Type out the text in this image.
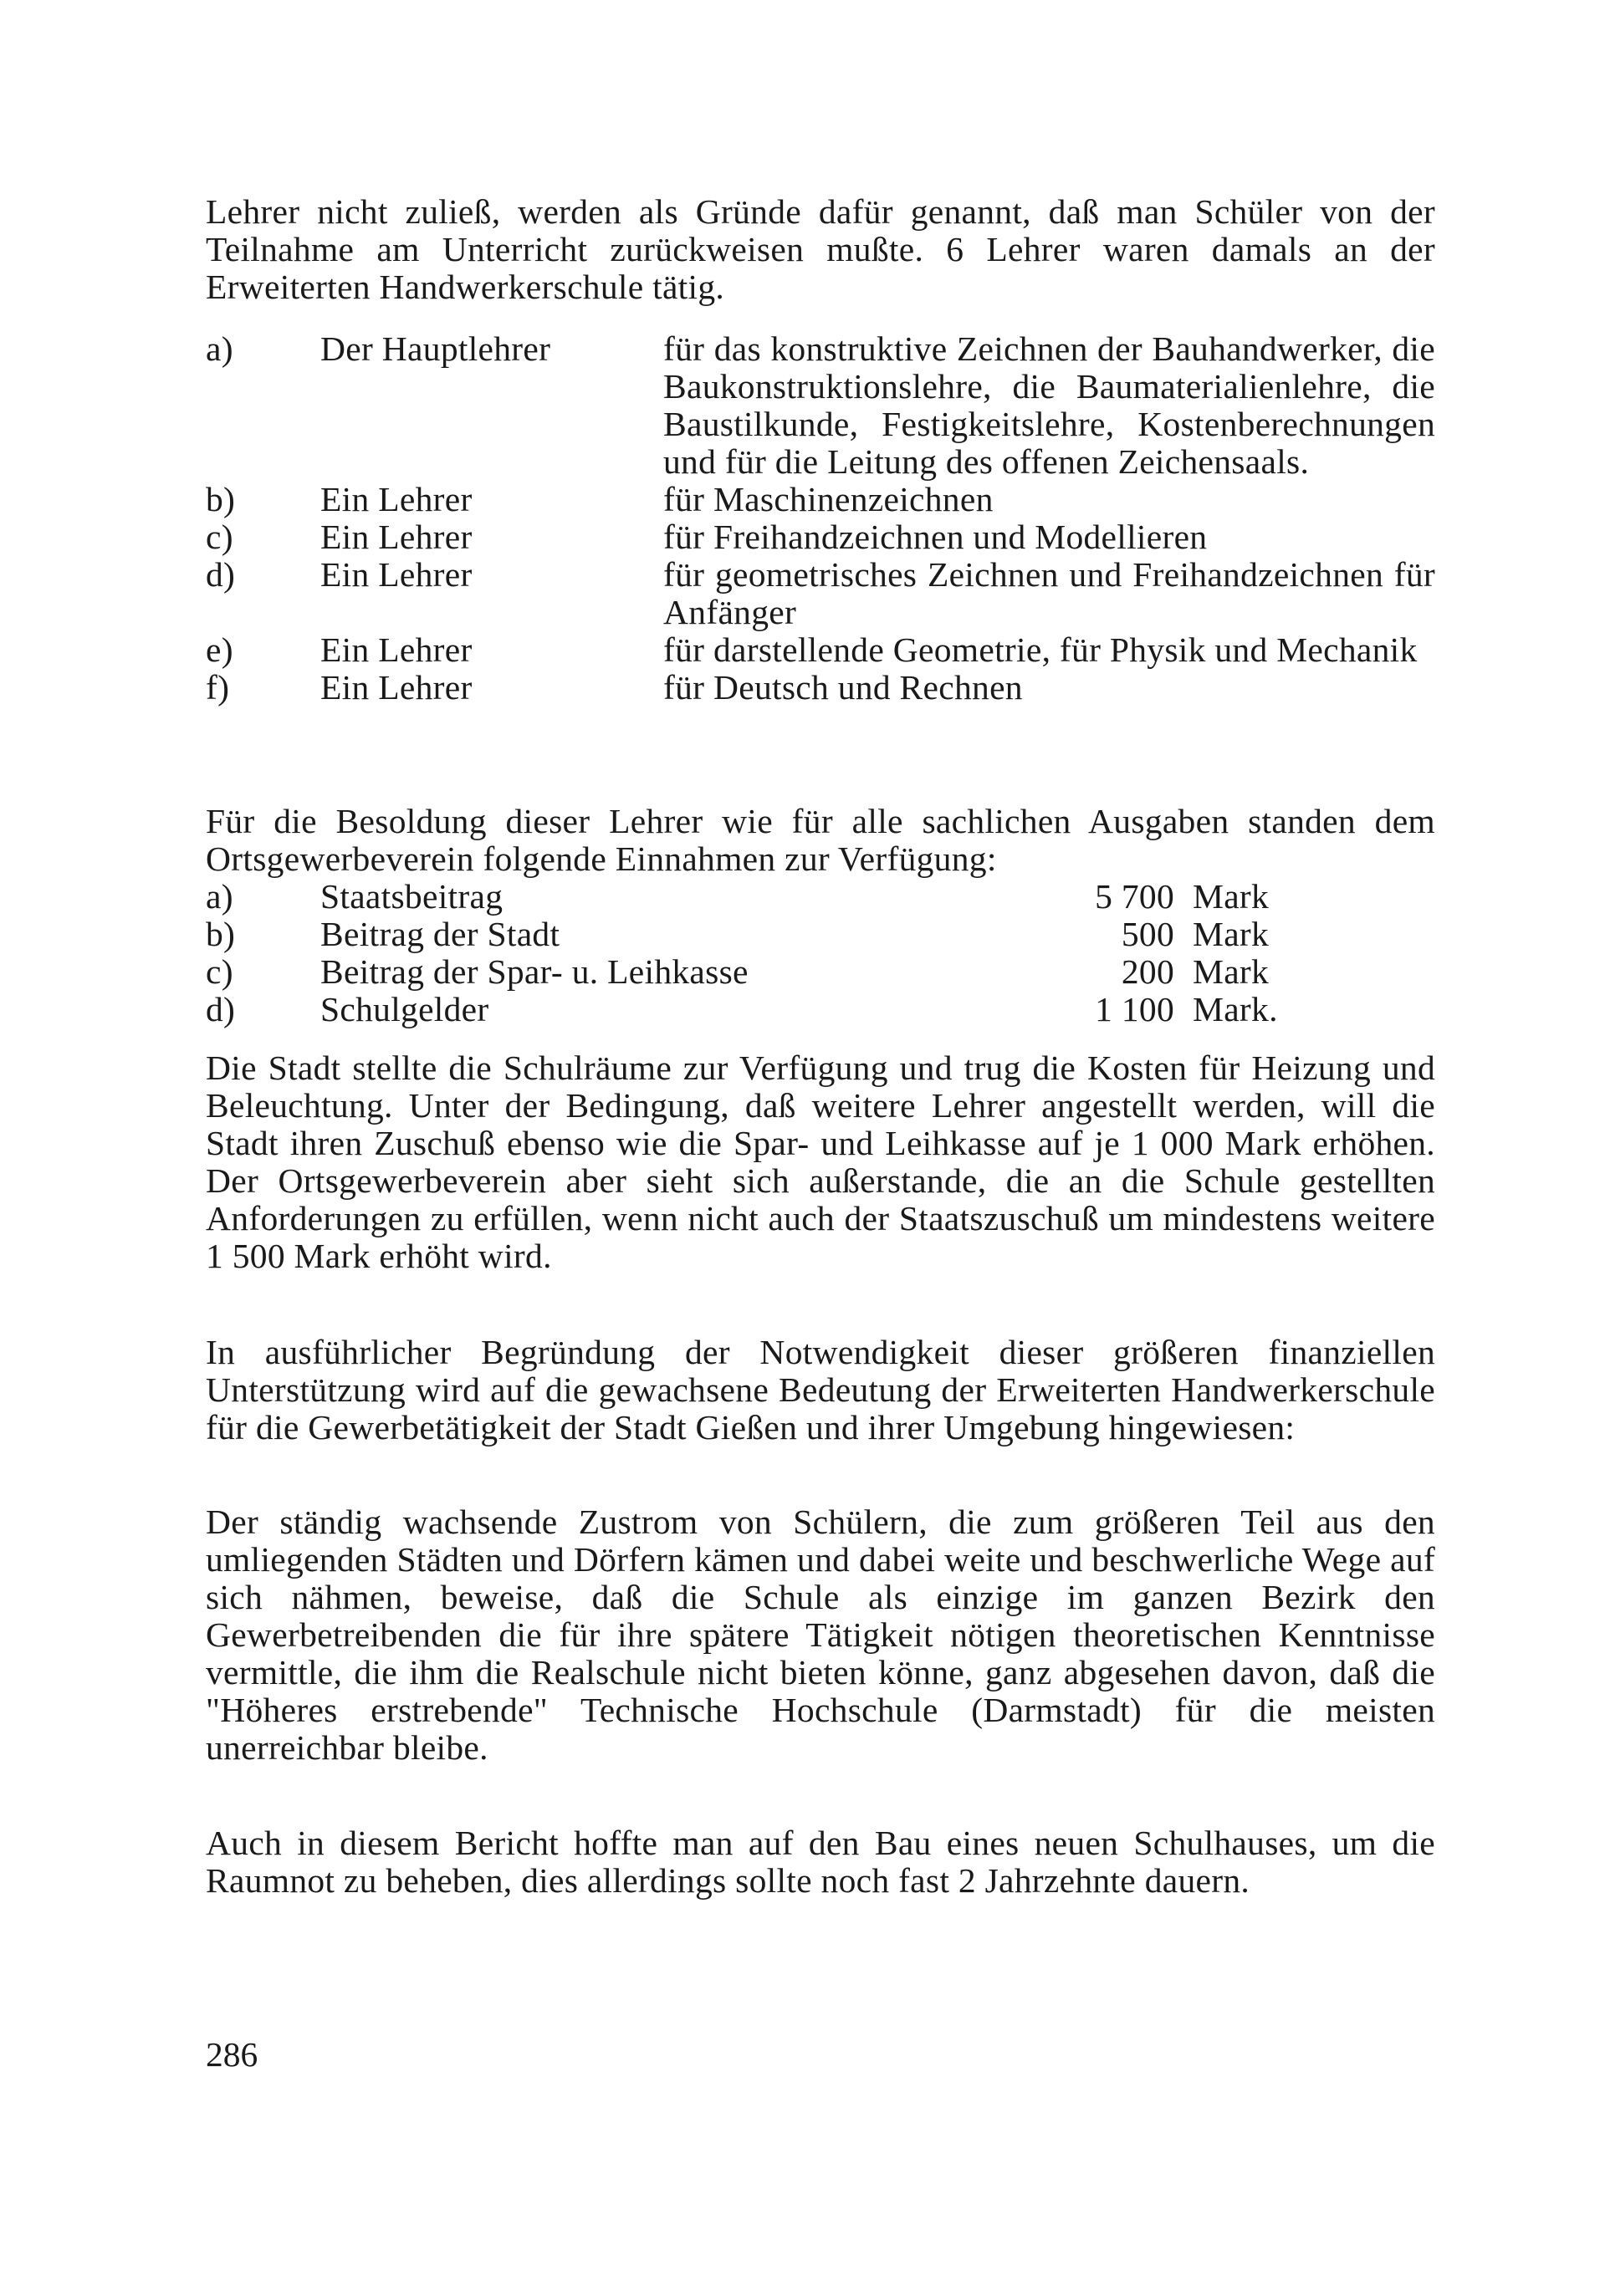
Lehrer nicht zuließ, werden als Gründe dafür genannt, daß man Schüler von der Teilnahme am Unterricht zurückweisen mußte. 6 Lehrer waren damals an der Erweiterten Handwerkerschule tätig.
a)	Der Hauptlehrer	für das konstruktive Zeichnen der Bauhandwerker, die Baukonstruktionslehre, die Baumaterialienlehre, die Baustilkunde, Festigkeitslehre, Kostenberechnungen und für die Leitung des offenen Zeichensaals.
b)	Ein Lehrer	für Maschinenzeichnen
c)	Ein Lehrer	für Freihandzeichnen und Modellieren
d)	Ein Lehrer	für geometrisches Zeichnen und Freihandzeichnen für Anfänger
e)	Ein Lehrer	für darstellende Geometrie, für Physik und Mechanik
f)	Ein Lehrer	für Deutsch und Rechnen
Für die Besoldung dieser Lehrer wie für alle sachlichen Ausgaben standen dem Ortsgewerbeverein folgende Einnahmen zur Verfügung:
a)	Staatsbeitrag	5 700 Mark
b)	Beitrag der Stadt	500 Mark
c)	Beitrag der Spar- u. Leihkasse	200 Mark
d)	Schulgelder	1 100 Mark.
Die Stadt stellte die Schulräume zur Verfügung und trug die Kosten für Heizung und Beleuchtung. Unter der Bedingung, daß weitere Lehrer angestellt werden, will die Stadt ihren Zuschuß ebenso wie die Spar- und Leihkasse auf je 1 000 Mark erhöhen. Der Ortsgewerbeverein aber sieht sich außerstande, die an die Schule gestellten Anforderungen zu erfüllen, wenn nicht auch der Staatszuschuß um mindestens weitere 1 500 Mark erhöht wird.
In ausführlicher Begründung der Notwendigkeit dieser größeren finanziellen Unterstützung wird auf die gewachsene Bedeutung der Erweiterten Handwerkerschule für die Gewerbetätigkeit der Stadt Gießen und ihrer Umgebung hingewiesen:
Der ständig wachsende Zustrom von Schülern, die zum größeren Teil aus den umliegenden Städten und Dörfern kämen und dabei weite und beschwerliche Wege auf sich nähmen, beweise, daß die Schule als einzige im ganzen Bezirk den Gewerbetreibenden die für ihre spätere Tätigkeit nötigen theoretischen Kenntnisse vermittle, die ihm die Realschule nicht bieten könne, ganz abgesehen davon, daß die "Höheres erstrebende" Technische Hochschule (Darmstadt) für die meisten unerreichbar bleibe.
Auch in diesem Bericht hoffte man auf den Bau eines neuen Schulhauses, um die Raumnot zu beheben, dies allerdings sollte noch fast 2 Jahrzehnte dauern.
286
